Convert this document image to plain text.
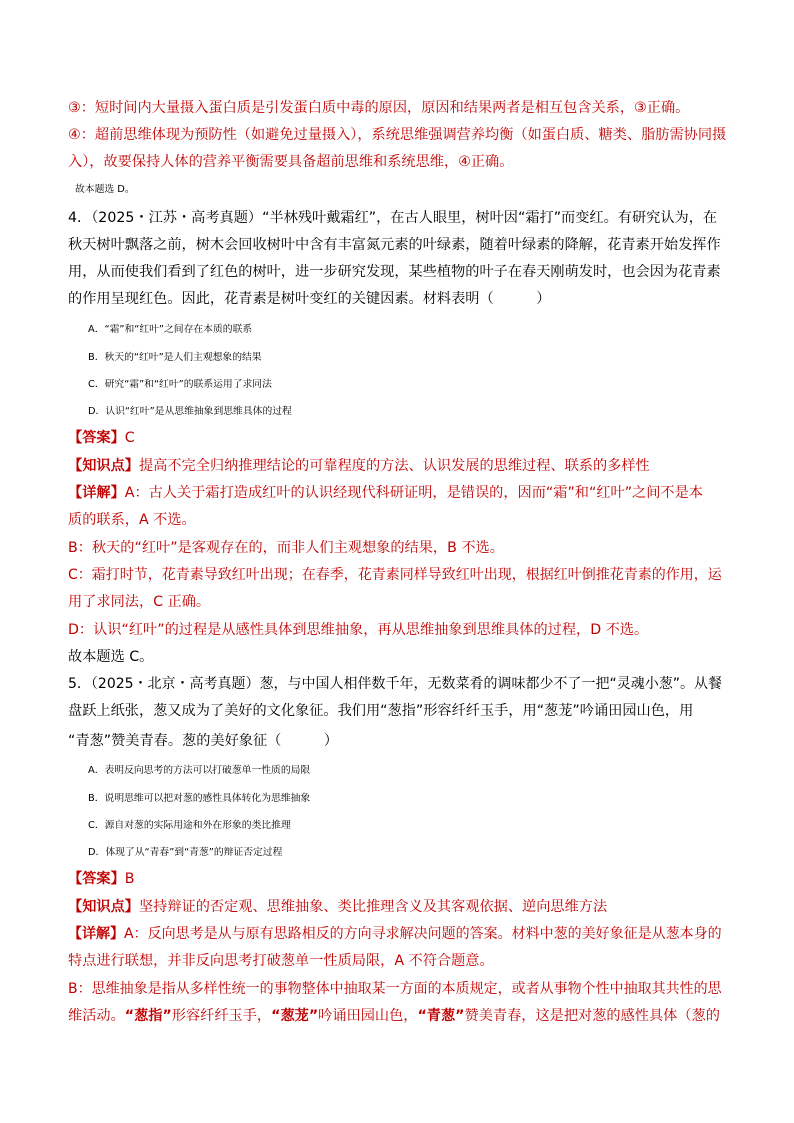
③：短时间内大量摄入蛋白质是引发蛋白质中毒的原因，原因和结果两者是相互包含关系，③正确。
④：超前思维体现为预防性（如避免过量摄入），系统思维强调营养均衡（如蛋白质、糖类、脂肪需协同摄
入），故要保持人体的营养平衡需要具备超前思维和系统思维，④正确。
故本题选 D。
4．（2025・江苏・高考真题）“半林残叶戴霜红”，在古人眼里，树叶因“霜打”而变红。有研究认为，在
秋天树叶飘落之前，树木会回收树叶中含有丰富氮元素的叶绿素，随着叶绿素的降解，花青素开始发挥作
用，从而使我们看到了红色的树叶，进一步研究发现，某些植物的叶子在春天刚萌发时，也会因为花青素
的作用呈现红色。因此，花青素是树叶变红的关键因素。材料表明（　　　）
A．“霜”和“红叶”之间存在本质的联系
B．秋天的“红叶”是人们主观想象的结果
C．研究“霜”和“红叶”的联系运用了求同法
D．认识“红叶”是从思维抽象到思维具体的过程
【答案】C
【知识点】提高不完全归纳推理结论的可靠程度的方法、认识发展的思维过程、联系的多样性
【详解】A：古人关于霜打造成红叶的认识经现代科研证明，是错误的，因而“霜”和“红叶”之间不是本
质的联系，A 不选。
B：秋天的“红叶”是客观存在的，而非人们主观想象的结果，B 不选。
C：霜打时节，花青素导致红叶出现；在春季，花青素同样导致红叶出现，根据红叶倒推花青素的作用，运
用了求同法，C 正确。
D：认识“红叶”的过程是从感性具体到思维抽象，再从思维抽象到思维具体的过程，D 不选。
故本题选 C。
5．（2025・北京・高考真题）葱，与中国人相伴数千年，无数菜肴的调味都少不了一把“灵魂小葱”。从餐
盘跃上纸张，葱又成为了美好的文化象征。我们用“葱指”形容纤纤玉手，用“葱茏”吟诵田园山色，用
“青葱”赞美青春。葱的美好象征（　　　）
A．表明反向思考的方法可以打破葱单一性质的局限
B．说明思维可以把对葱的感性具体转化为思维抽象
C．源自对葱的实际用途和外在形象的类比推理
D．体现了从“青春”到“青葱”的辩证否定过程
【答案】B
【知识点】坚持辩证的否定观、思维抽象、类比推理含义及其客观依据、逆向思维方法
【详解】A：反向思考是从与原有思路相反的方向寻求解决问题的答案。材料中葱的美好象征是从葱本身的
特点进行联想，并非反向思考打破葱单一性质局限，A 不符合题意。
B：思维抽象是指从多样性统一的事物整体中抽取某一方面的本质规定，或者从事物个性中抽取其共性的思
维活动。“葱指”形容纤纤玉手，“葱茏”吟诵田园山色，“青葱”赞美青春，这是把对葱的感性具体（葱的
